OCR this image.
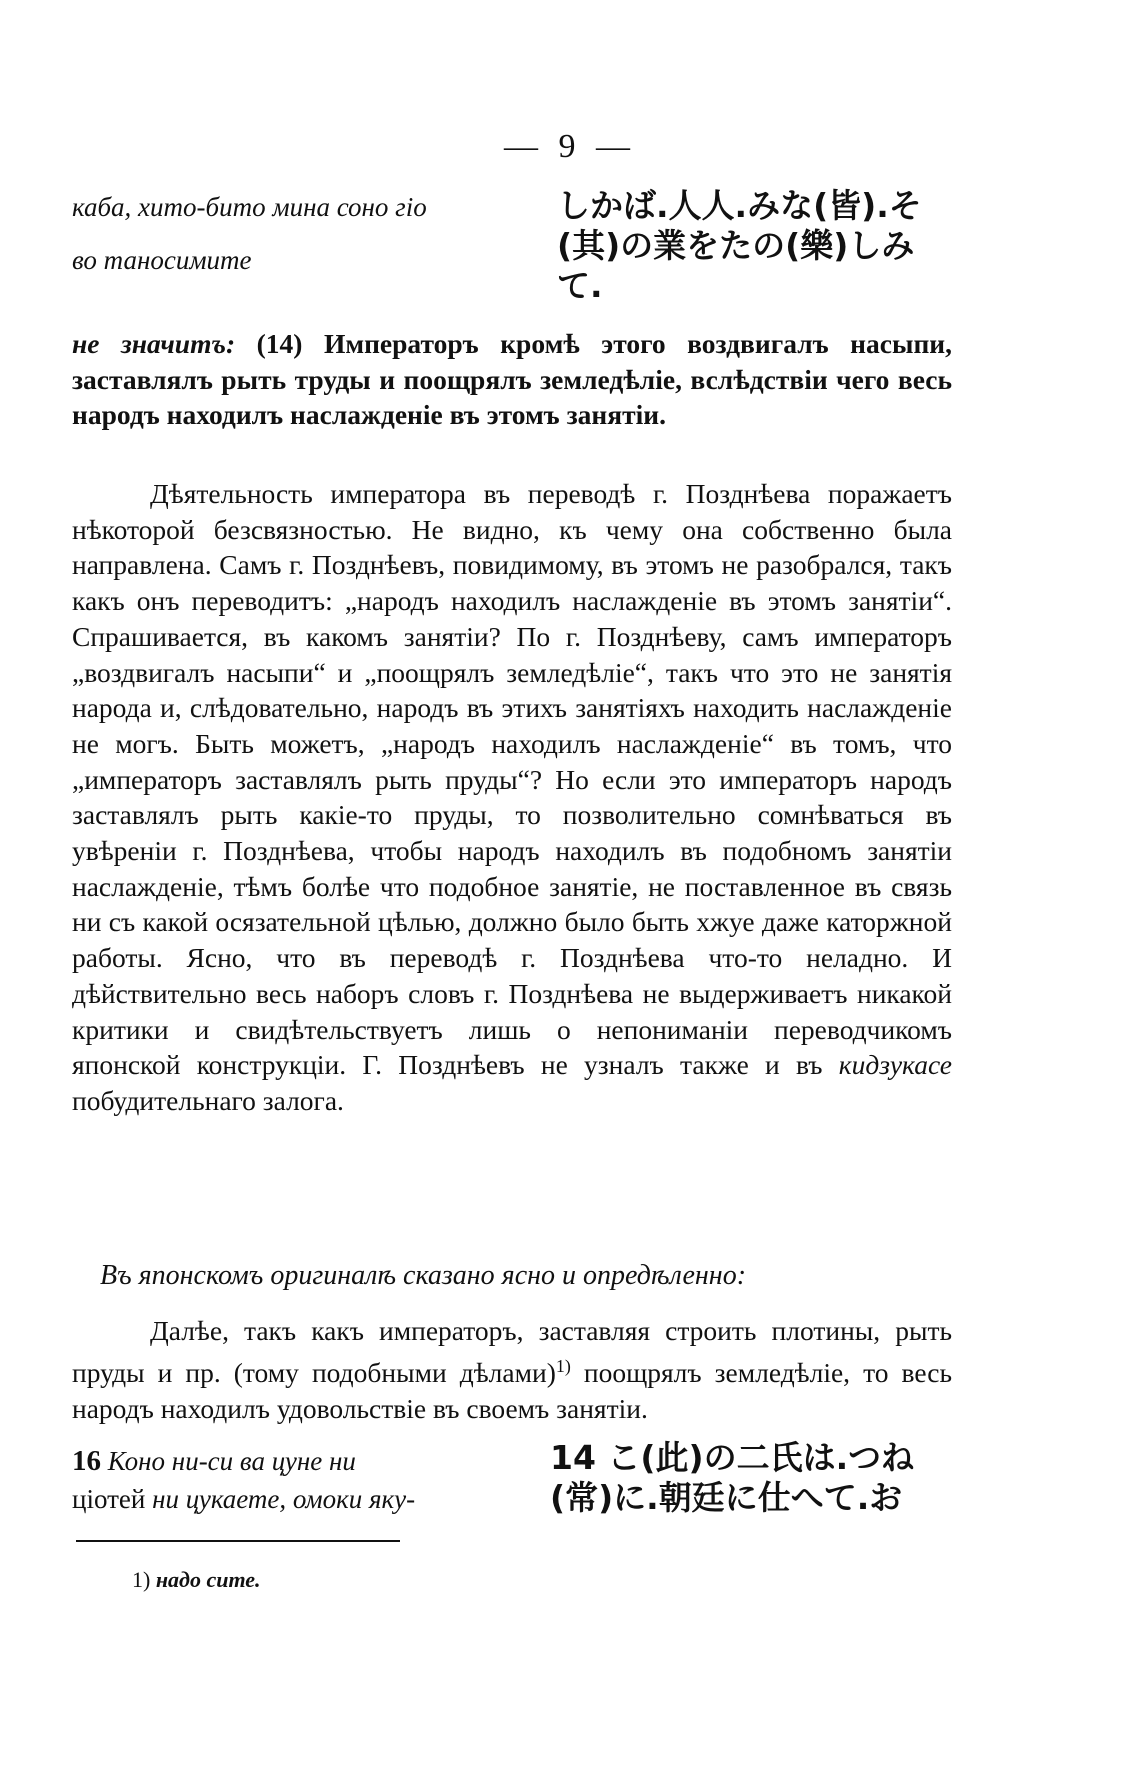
— 9 —
каба, хито-бито мина соно гіо
во таносимите
しかば.人人.みな(皆).そ
(其)の業をたの(樂)しみ
て.

не значитъ: (14) Императоръ кромѣ этого воздвигалъ насыпи, заставлялъ рыть труды и поощрялъ земледѣліе, вслѣдствіи чего весь народъ находилъ наслажденіе въ этомъ занятіи.

Дѣятельность императора въ переводѣ г. Позднѣева поражаетъ нѣкоторой безсвязностью. Не видно, къ чему она собственно была направлена. Самъ г. Позднѣевъ, повидимому, въ этомъ не разобрался, такъ какъ онъ переводитъ: „народъ находилъ наслажденіе въ этомъ занятіи“. Спрашивается, въ какомъ занятіи? По г. Позднѣеву, самъ императоръ „воздвигалъ насыпи“ и „поощрялъ земледѣліе“, такъ что это не занятія народа и, слѣдовательно, народъ въ этихъ занятіяхъ находить наслажденіе не могъ. Быть можетъ, „народъ находилъ наслажденіе“ въ томъ, что „императоръ заставлялъ рыть пруды“? Но если это императоръ народъ заставлялъ рыть какіе-то пруды, то позволительно сомнѣваться въ увѣреніи г. Позднѣева, чтобы народъ находилъ въ подобномъ занятіи наслажденіе, тѣмъ болѣе что подобное занятіе, не поставленное въ связь ни съ какой осязательной цѣлью, должно было быть хжуе даже каторжной работы. Ясно, что въ переводѣ г. Позднѣева что-то неладно. И дѣйствительно весь наборъ словъ г. Позднѣева не выдерживаетъ никакой критики и свидѣтельствуетъ лишь о непониманіи переводчикомъ японской конструкціи. Г. Позднѣевъ не узналъ также и въ кидзукасе побудительнаго залога.

Въ японскомъ оригиналѣ сказано ясно и опредѣленно:

Далѣе, такъ какъ императоръ, заставляя строить плотины, рыть пруды и пр. (тому подобными дѣлами)$^{1)}$ поощрялъ земледѣліе, то весь народъ находилъ удовольствіе въ своемъ занятіи.

16 Коно ни-си ва цуне ни
ціотей ни цукаете, омоки яку-
14 こ(此)の二氏は.つね
(常)に.朝廷に仕へて.お
1) надо сите.
